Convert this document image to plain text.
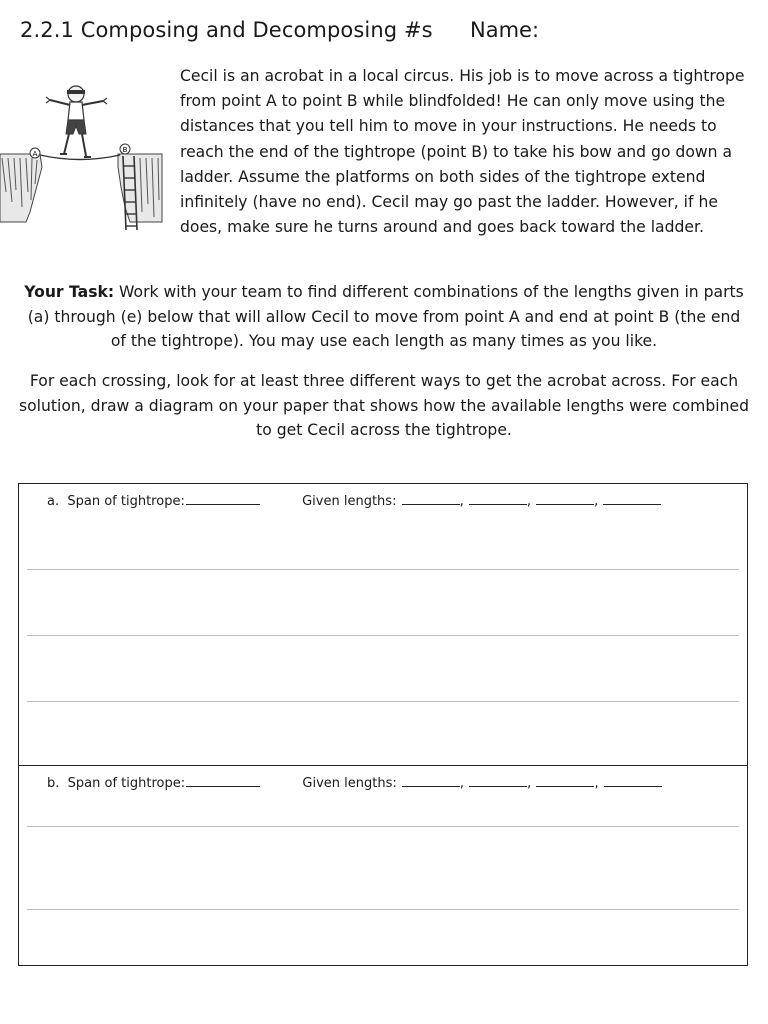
2.2.1 Composing and Decomposing #s Name:
A	B
Cecil is an acrobat in a local circus. His job is to move across a tightrope from point A to point B while blindfolded! He can only move using the distances that you tell him to move in your instructions. He needs to reach the end of the tightrope (point B) to take his bow and go down a ladder. Assume the platforms on both sides of the tightrope extend infinitely (have no end). Cecil may go past the ladder. However, if he does, make sure he turns around and goes back toward the ladder.
Your Task: Work with your team to find different combinations of the lengths given in parts (a) through (e) below that will allow Cecil to move from point A and end at point B (the end of the tightrope). You may use each length as many times as you like.
For each crossing, look for at least three different ways to get the acrobat across. For each solution, draw a diagram on your paper that shows how the available lengths were combined to get Cecil across the tightrope.
a. Span of tightrope:	Given lengths:	,	,	,
b. Span of tightrope:	Given lengths:	,	,	,
